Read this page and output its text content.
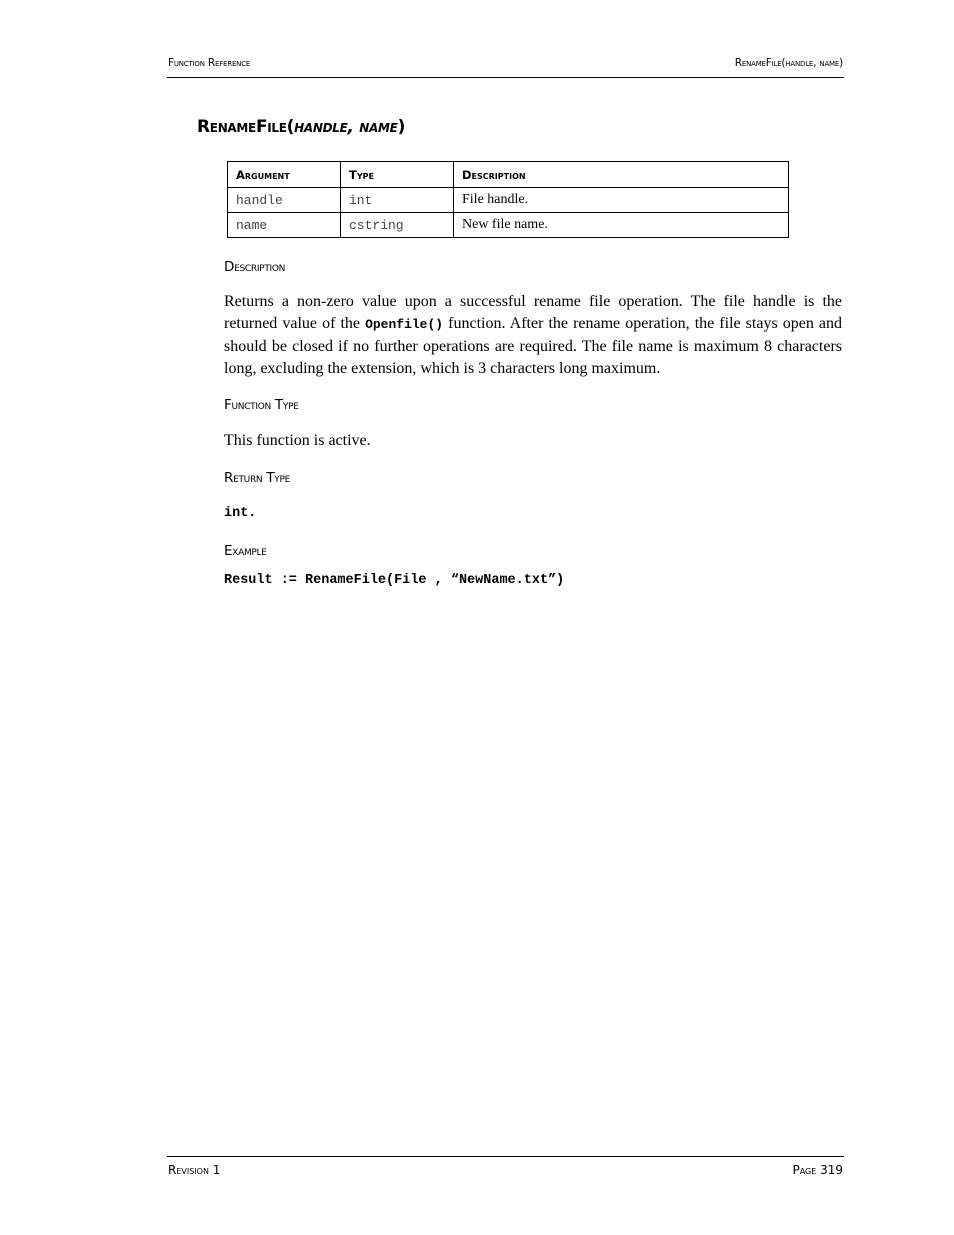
Function Reference	RenameFile(handle, name)
RenameFile(handle, name)
Argument	Type	Description
handle	int	File handle.
name	cstring	New file name.
Description
Returns a non-zero value upon a successful rename file operation. The file handle is the returned value of the Openfile() function. After the rename operation, the file stays open and should be closed if no further operations are required. The file name is maximum 8 characters long, excluding the extension, which is 3 characters long maximum.
Function Type
This function is active.
Return Type
int.
Example
Result := RenameFile(File , “NewName.txt”)
Revision 1	Page 319
